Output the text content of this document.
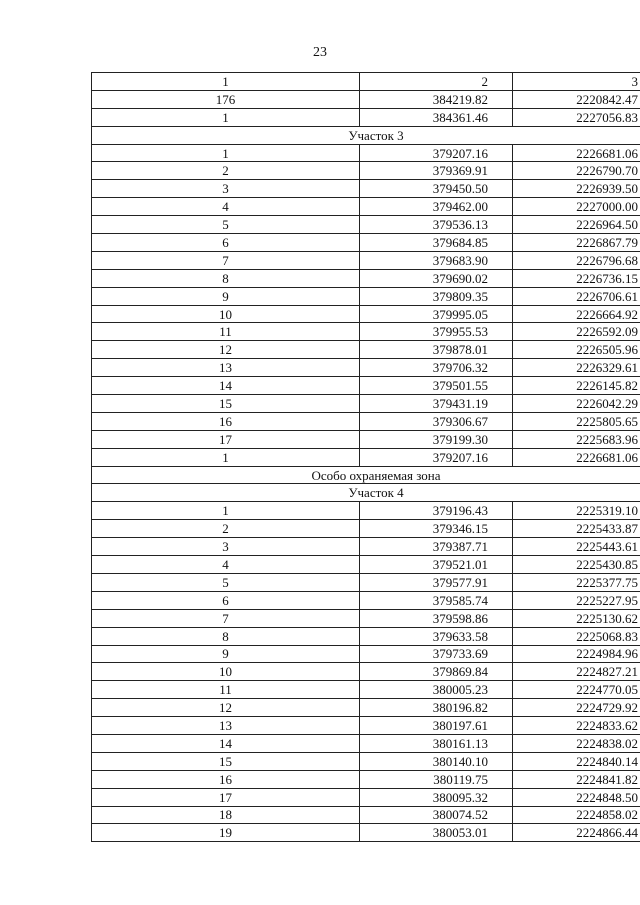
23
1	2	3
176	384219.82	2220842.47
1	384361.46	2227056.83
Участок 3		
1	379207.16	2226681.06
2	379369.91	2226790.70
3	379450.50	2226939.50
4	379462.00	2227000.00
5	379536.13	2226964.50
6	379684.85	2226867.79
7	379683.90	2226796.68
8	379690.02	2226736.15
9	379809.35	2226706.61
10	379995.05	2226664.92
11	379955.53	2226592.09
12	379878.01	2226505.96
13	379706.32	2226329.61
14	379501.55	2226145.82
15	379431.19	2226042.29
16	379306.67	2225805.65
17	379199.30	2225683.96
1	379207.16	2226681.06
Особо охраняемая зона		
Участок 4		
1	379196.43	2225319.10
2	379346.15	2225433.87
3	379387.71	2225443.61
4	379521.01	2225430.85
5	379577.91	2225377.75
6	379585.74	2225227.95
7	379598.86	2225130.62
8	379633.58	2225068.83
9	379733.69	2224984.96
10	379869.84	2224827.21
11	380005.23	2224770.05
12	380196.82	2224729.92
13	380197.61	2224833.62
14	380161.13	2224838.02
15	380140.10	2224840.14
16	380119.75	2224841.82
17	380095.32	2224848.50
18	380074.52	2224858.02
19	380053.01	2224866.44
